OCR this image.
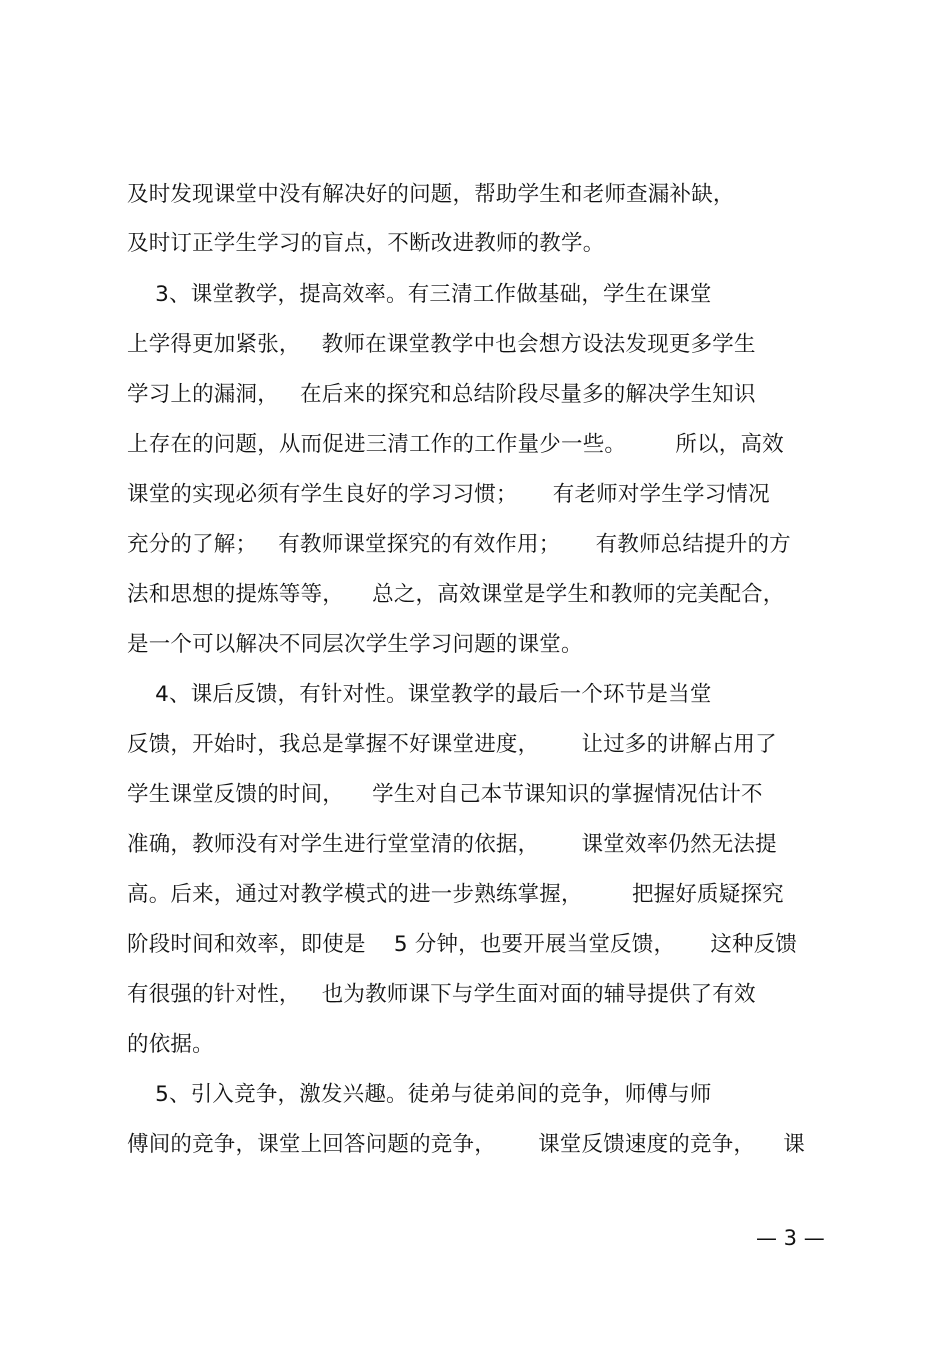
及时发现课堂中没有解决好的问题，帮助学生和老师查漏补缺，
及时订正学生学习的盲点，不断改进教师的教学。
3、课堂教学，提高效率。有三清工作做基础，学生在课堂
上学得更加紧张，   教师在课堂教学中也会想方设法发现更多学生
学习上的漏洞，   在后来的探究和总结阶段尽量多的解决学生知识
上存在的问题，从而促进三清工作的工作量少一些。       所以，高效
课堂的实现必须有学生良好的学习习惯；     有老师对学生学习情况
充分的了解；   有教师课堂探究的有效作用；     有教师总结提升的方
法和思想的提炼等等，    总之，高效课堂是学生和教师的完美配合，
是一个可以解决不同层次学生学习问题的课堂。
4、课后反馈，有针对性。课堂教学的最后一个环节是当堂
反馈，开始时，我总是掌握不好课堂进度，      让过多的讲解占用了
学生课堂反馈的时间，    学生对自己本节课知识的掌握情况估计不
准确，教师没有对学生进行堂堂清的依据，      课堂效率仍然无法提
高。后来，通过对教学模式的进一步熟练掌握，       把握好质疑探究
阶段时间和效率，即使是    5 分钟，也要开展当堂反馈，     这种反馈
有很强的针对性，   也为教师课下与学生面对面的辅导提供了有效
的依据。
5、引入竞争，激发兴趣。徒弟与徒弟间的竞争，师傅与师
傅间的竞争，课堂上回答问题的竞争，      课堂反馈速度的竞争，    课
— 3 —
